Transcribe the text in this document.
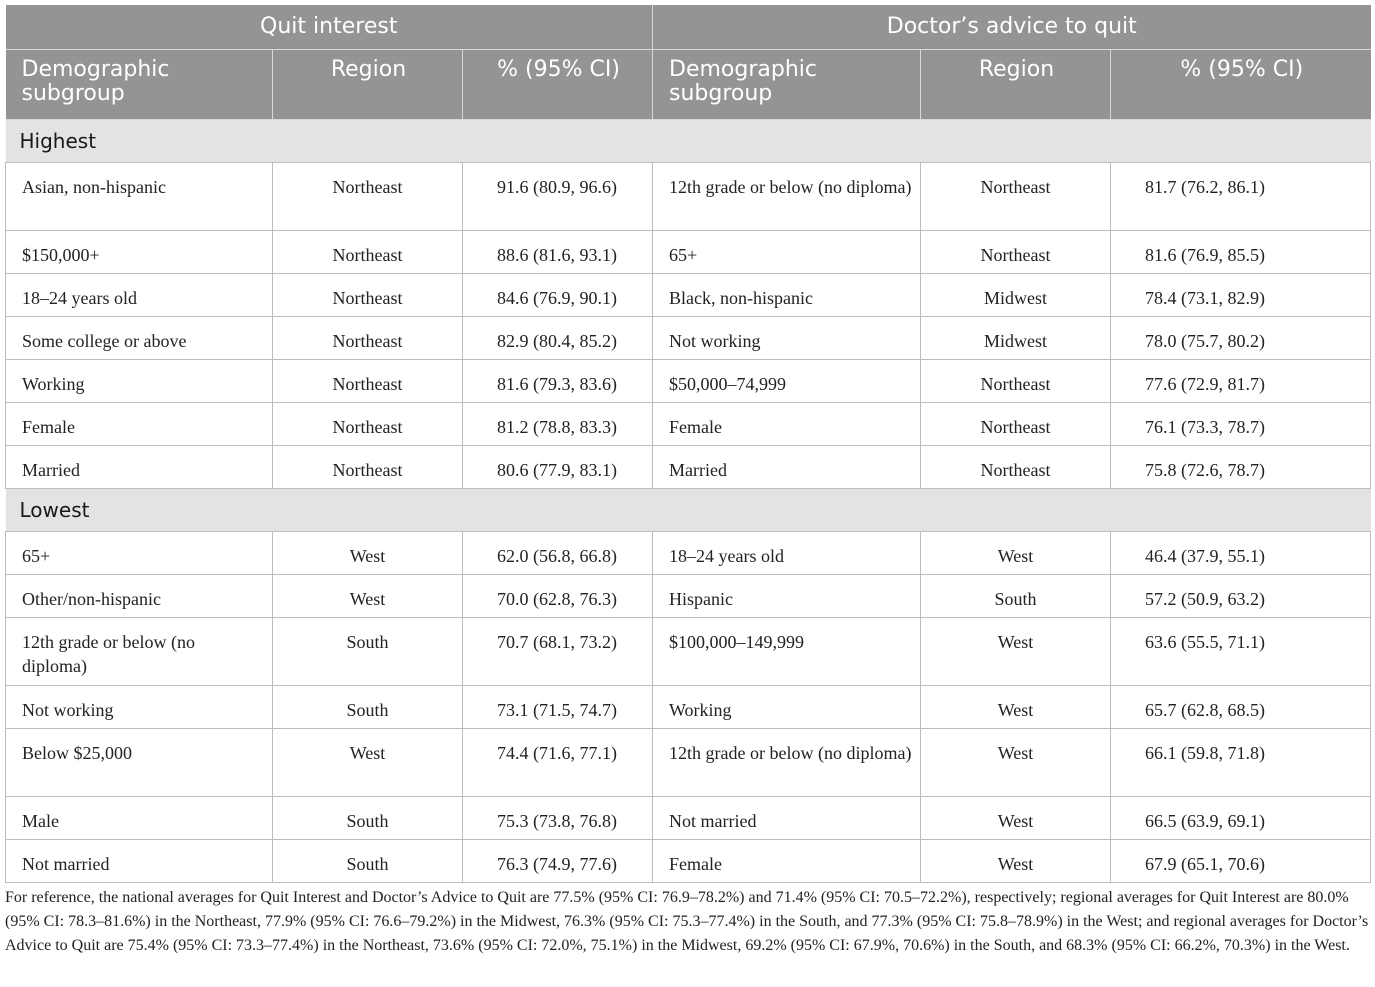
Quit interest			Doctor’s advice to quit		
Demographic subgroup	Region	% (95% CI)	Demographic subgroup	Region	% (95% CI)
Highest					
Asian, non-hispanic	Northeast	91.6 (80.9, 96.6)	12th grade or below (no diploma)	Northeast	81.7 (76.2, 86.1)
$150,000+	Northeast	88.6 (81.6, 93.1)	65+	Northeast	81.6 (76.9, 85.5)
18–24 years old	Northeast	84.6 (76.9, 90.1)	Black, non-hispanic	Midwest	78.4 (73.1, 82.9)
Some college or above	Northeast	82.9 (80.4, 85.2)	Not working	Midwest	78.0 (75.7, 80.2)
Working	Northeast	81.6 (79.3, 83.6)	$50,000–74,999	Northeast	77.6 (72.9, 81.7)
Female	Northeast	81.2 (78.8, 83.3)	Female	Northeast	76.1 (73.3, 78.7)
Married	Northeast	80.6 (77.9, 83.1)	Married	Northeast	75.8 (72.6, 78.7)
Lowest					
65+	West	62.0 (56.8, 66.8)	18–24 years old	West	46.4 (37.9, 55.1)
Other/non-hispanic	West	70.0 (62.8, 76.3)	Hispanic	South	57.2 (50.9, 63.2)
12th grade or below (no diploma)	South	70.7 (68.1, 73.2)	$100,000–149,999	West	63.6 (55.5, 71.1)
Not working	South	73.1 (71.5, 74.7)	Working	West	65.7 (62.8, 68.5)
Below $25,000	West	74.4 (71.6, 77.1)	12th grade or below (no diploma)	West	66.1 (59.8, 71.8)
Male	South	75.3 (73.8, 76.8)	Not married	West	66.5 (63.9, 69.1)
Not married	South	76.3 (74.9, 77.6)	Female	West	67.9 (65.1, 70.6)
For reference, the national averages for Quit Interest and Doctor’s Advice to Quit are 77.5% (95% CI: 76.9–78.2%) and 71.4% (95% CI: 70.5–72.2%), respectively; regional averages for Quit Interest are 80.0% (95% CI: 78.3–81.6%) in the Northeast, 77.9% (95% CI: 76.6–79.2%) in the Midwest, 76.3% (95% CI: 75.3–77.4%) in the South, and 77.3% (95% CI: 75.8–78.9%) in the West; and regional averages for Doctor’s Advice to Quit are 75.4% (95% CI: 73.3–77.4%) in the Northeast, 73.6% (95% CI: 72.0%, 75.1%) in the Midwest, 69.2% (95% CI: 67.9%, 70.6%) in the South, and 68.3% (95% CI: 66.2%, 70.3%) in the West.
